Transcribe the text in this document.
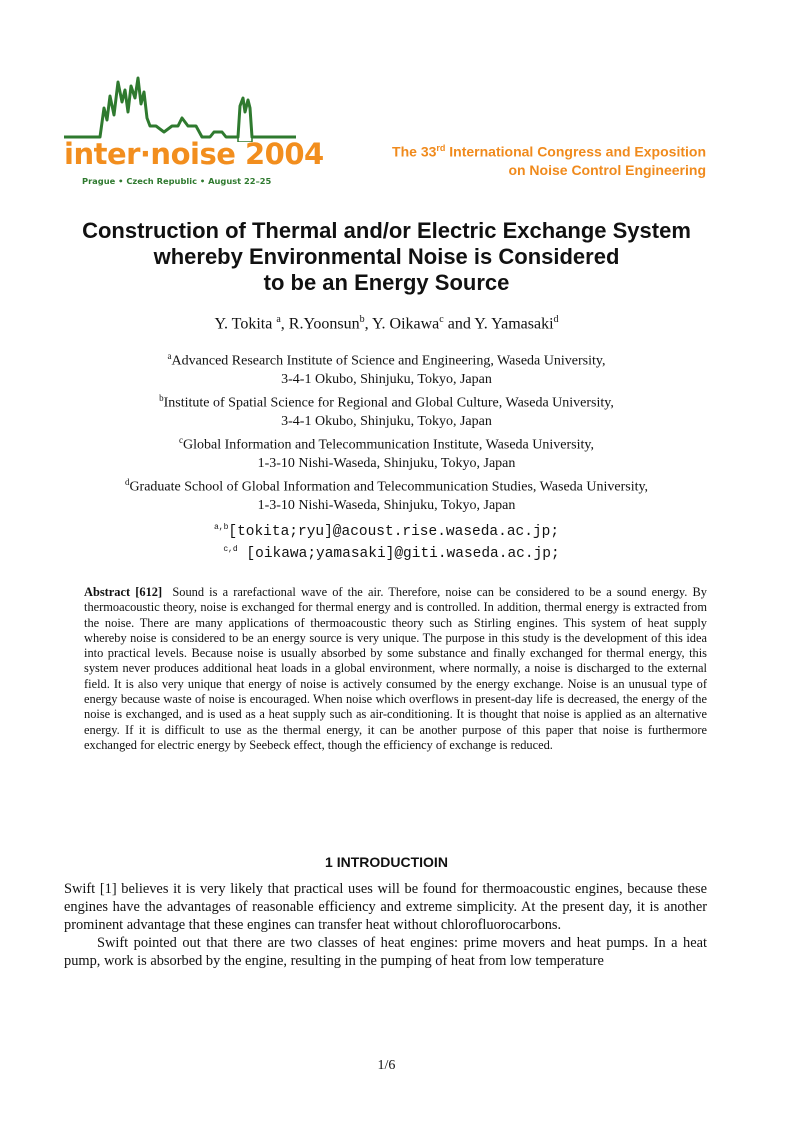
inter·noise 2004
Prague • Czech Republic • August 22–25
The 33rd International Congress and Exposition
on Noise Control Engineering
Construction of Thermal and/or Electric Exchange System
whereby Environmental Noise is Considered
to be an Energy Source
Y. Tokita $^a$, R.Yoonsun$^b$, Y. Oikawa$^c$ and Y. Yamasaki$^d$
$^a$Advanced Research Institute of Science and Engineering, Waseda University,
3-4-1 Okubo, Shinjuku, Tokyo, Japan
$^b$Institute of Spatial Science for Regional and Global Culture, Waseda University,
3-4-1 Okubo, Shinjuku, Tokyo, Japan
$^c$Global Information and Telecommunication Institute, Waseda University,
1-3-10 Nishi-Waseda, Shinjuku, Tokyo, Japan
$^d$Graduate School of Global Information and Telecommunication Studies, Waseda University,
1-3-10 Nishi-Waseda, Shinjuku, Tokyo, Japan
$^{a,b}$[tokita;ryu]@acoust.rise.waseda.ac.jp;
$^{c,d}$ [oikawa;yamasaki]@giti.waseda.ac.jp;
Abstract [612] Sound is a rarefactional wave of the air. Therefore, noise can be considered to be a sound energy. By thermoacoustic theory, noise is exchanged for thermal energy and is controlled. In addition, thermal energy is extracted from the noise. There are many applications of thermoacoustic theory such as Stirling engines. This system of heat supply whereby noise is considered to be an energy source is very unique. The purpose in this study is the development of this idea into practical levels. Because noise is usually absorbed by some substance and finally exchanged for thermal energy, this system never produces additional heat loads in a global environment, where normally, a noise is discharged to the external field. It is also very unique that energy of noise is actively consumed by the energy exchange. Noise is an unusual type of energy because waste of noise is encouraged. When noise which overflows in present-day life is decreased, the energy of the noise is exchanged, and is used as a heat supply such as air-conditioning. It is thought that noise is applied as an alternative energy. If it is difficult to use as the thermal energy, it can be another purpose of this paper that noise is furthermore exchanged for electric energy by Seebeck effect, though the efficiency of exchange is reduced.
1 INTRODUCTIOIN

Swift [1] believes it is very likely that practical uses will be found for thermoacoustic engines, because these engines have the advantages of reasonable efficiency and extreme simplicity. At the present day, it is another prominent advantage that these engines can transfer heat without chlorofluorocarbons.

Swift pointed out that there are two classes of heat engines: prime movers and heat pumps. In a heat pump, work is absorbed by the engine, resulting in the pumping of heat from low temperature

1/6
